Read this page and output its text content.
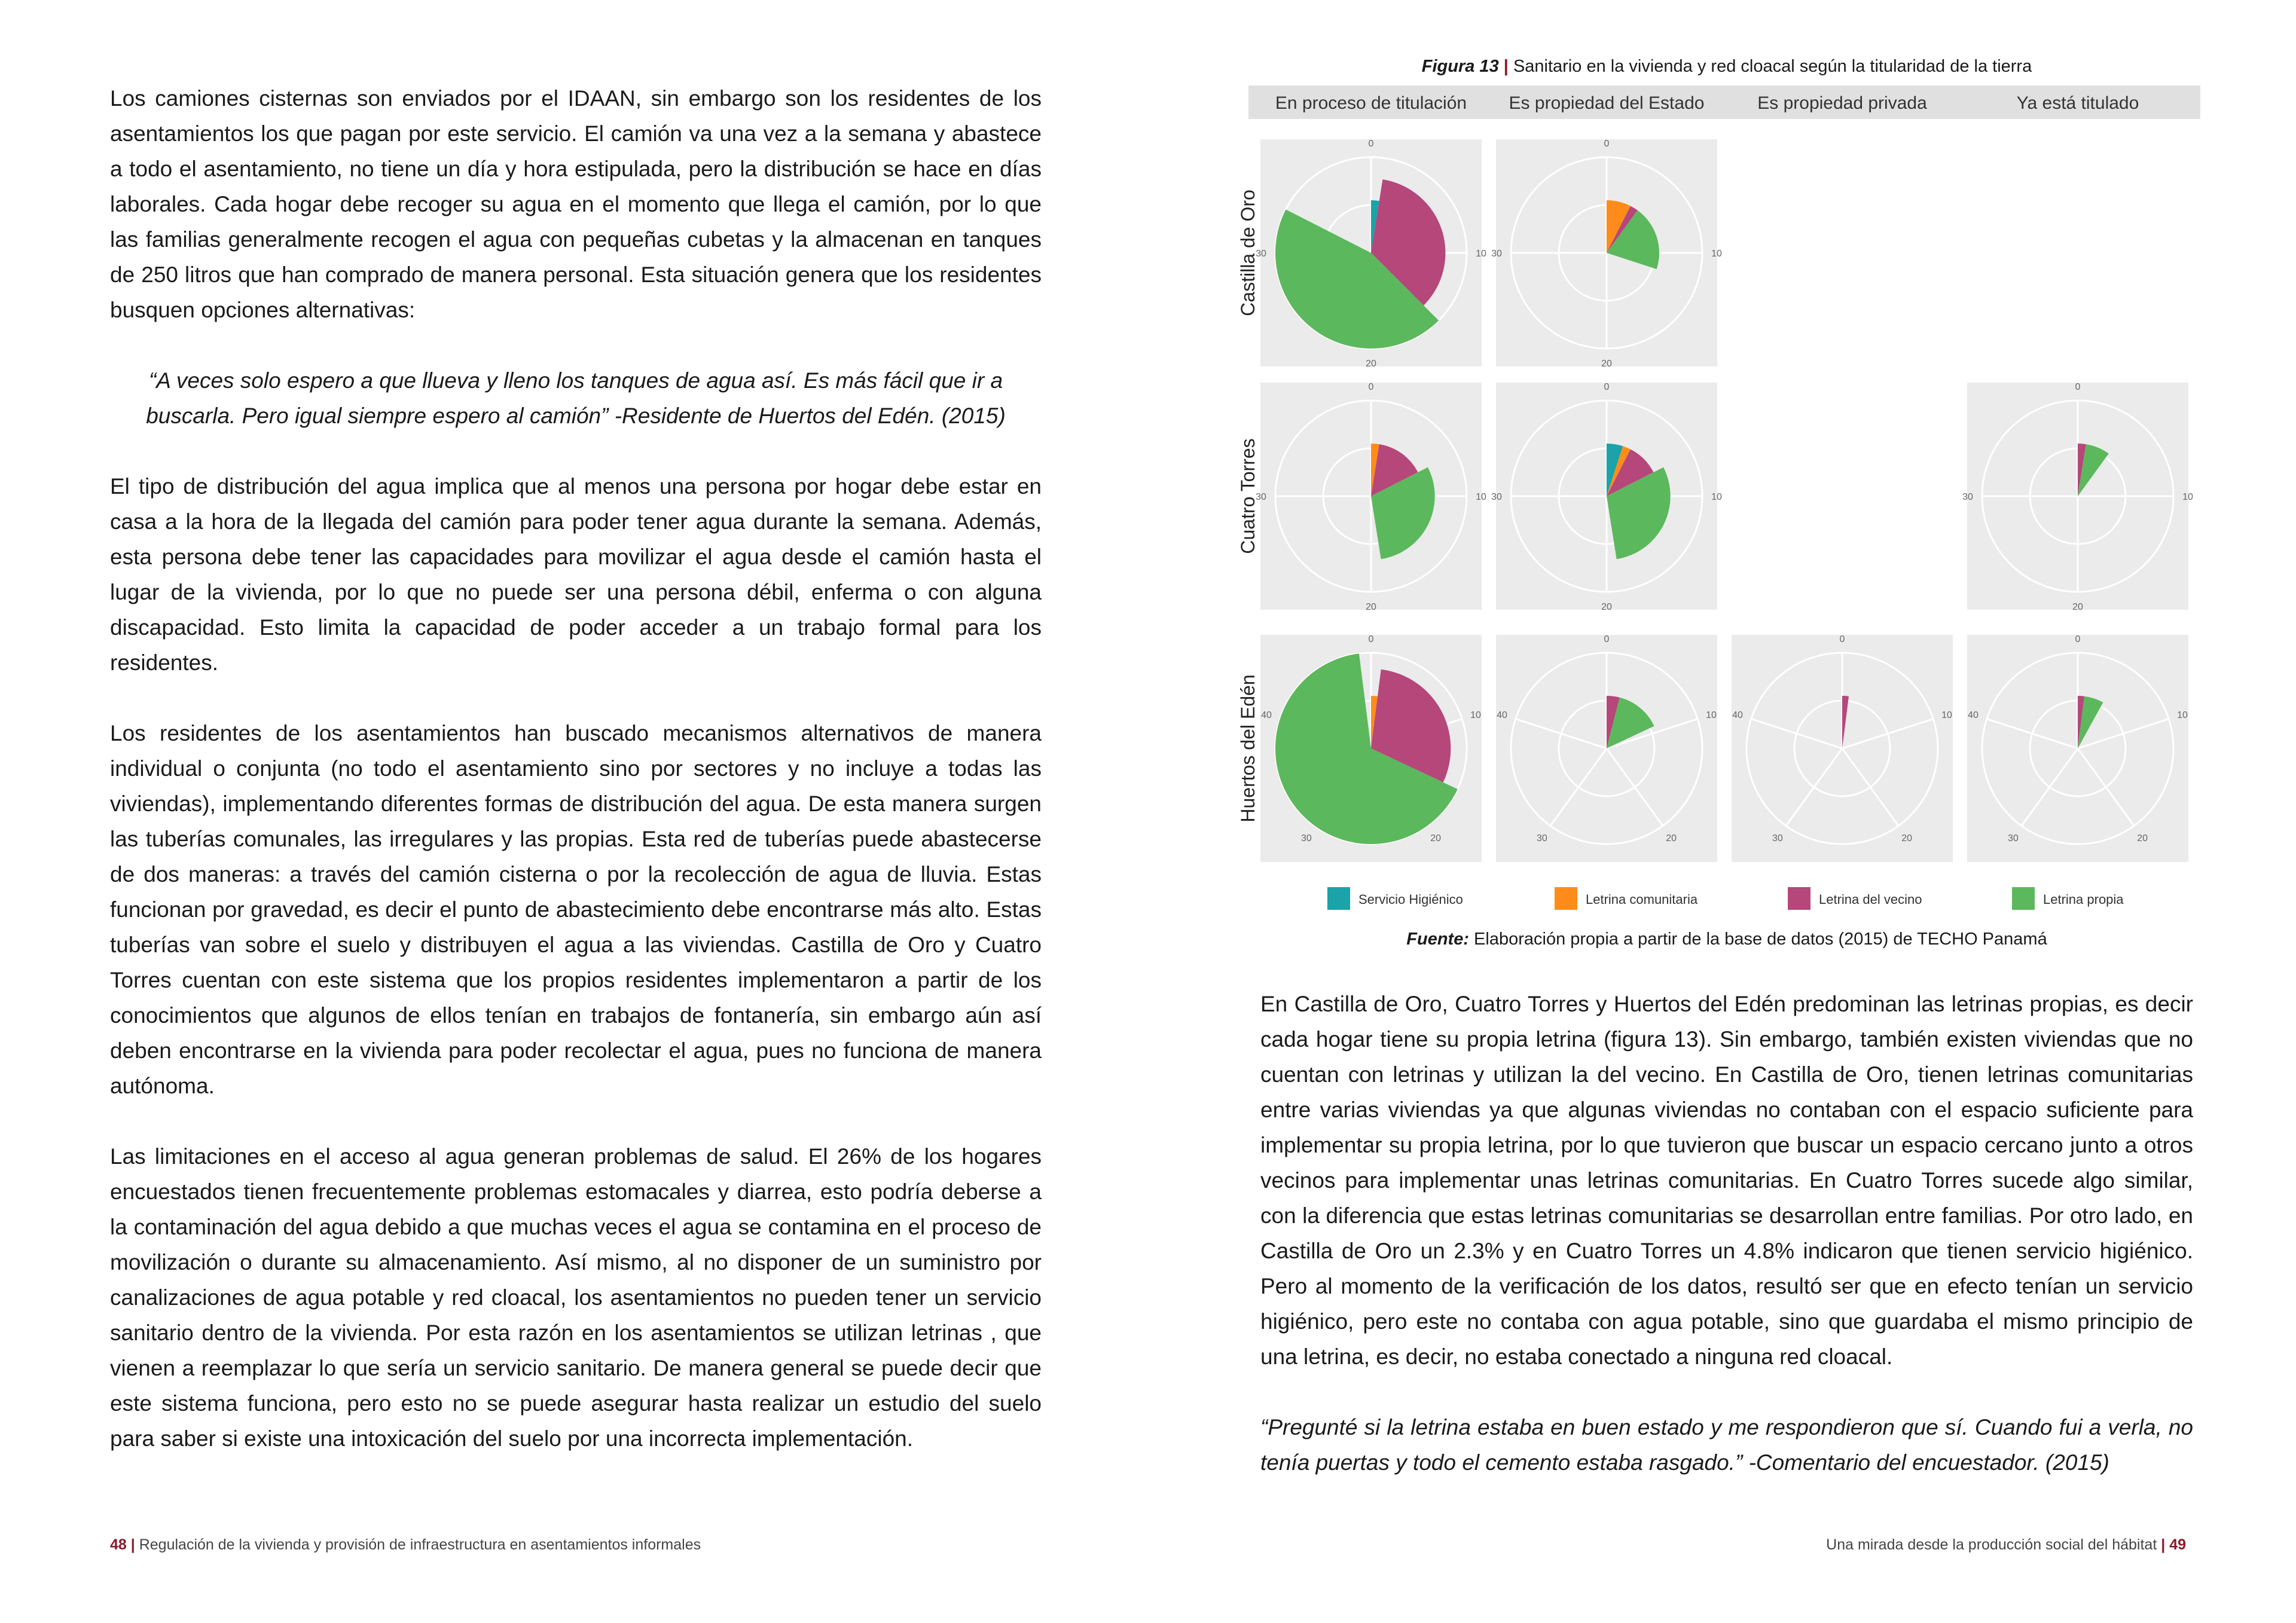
Los camiones cisternas son enviados por el IDAAN, sin embargo son los residentes de los asentamientos los que pagan por este servicio. El camión va una vez a la semana y abastece a todo el asentamiento, no tiene un día y hora estipulada, pero la distribución se hace en días laborales. Cada hogar debe recoger su agua en el momento que llega el camión, por lo que las familias generalmente recogen el agua con pequeñas cubetas y la almacenan en tanques de 250 litros que han comprado de manera personal. Esta situación genera que los residentes busquen opciones alternativas:

“A veces solo espero a que llueva y lleno los tanques de agua así. Es más fácil que ir a buscarla. Pero igual siempre espero al camión” -Residente de Huertos del Edén. (2015)

El tipo de distribución del agua implica que al menos una persona por hogar debe estar en casa a la hora de la llegada del camión para poder tener agua durante la semana. Además, esta persona debe tener las capacidades para movilizar el agua desde el camión hasta el lugar de la vivienda, por lo que no puede ser una persona débil, enferma o con alguna discapacidad. Esto limita la capacidad de poder acceder a un trabajo formal para los residentes.

Los residentes de los asentamientos han buscado mecanismos alternativos de manera individual o conjunta (no todo el asentamiento sino por sectores y no incluye a todas las viviendas), implementando diferentes formas de distribución del agua. De esta manera surgen las tuberías comunales, las irregulares y las propias. Esta red de tuberías puede abastecerse de dos maneras: a través del camión cisterna o por la recolección de agua de lluvia. Estas funcionan por gravedad, es decir el punto de abastecimiento debe encontrarse más alto. Estas tuberías van sobre el suelo y distribuyen el agua a las viviendas. Castilla de Oro y Cuatro Torres cuentan con este sistema que los propios residentes implementaron a partir de los conocimientos que algunos de ellos tenían en trabajos de fontanería, sin embargo aún así deben encontrarse en la vivienda para poder recolectar el agua, pues no funciona de manera autónoma.

Las limitaciones en el acceso al agua generan problemas de salud. El 26% de los hogares encuestados tienen frecuentemente problemas estomacales y diarrea, esto podría deberse a la contaminación del agua debido a que muchas veces el agua se contamina en el proceso de movilización o durante su almacenamiento. Así mismo, al no disponer de un suministro por canalizaciones de agua potable y red cloacal, los asentamientos no pueden tener un servicio sanitario dentro de la vivienda. Por esta razón en los asentamientos se utilizan letrinas , que vienen a reemplazar lo que sería un servicio sanitario. De manera general se puede decir que este sistema funciona, pero esto no se puede asegurar hasta realizar un estudio del suelo para saber si existe una intoxicación del suelo por una incorrecta implementación.

Figura 13 | Sanitario en la vivienda y red cloacal según la titularidad de la tierra
En proceso de titulación Es propiedad del Estado	Es propiedad privada	Ya está titulado
Castilla de Oro
Cuatro Torres
Huertos del Edén
0
10
20
30
0
10
20
30
0
10
20
30
0
10
20
30
0
10
20
30
0
10
20
30
40
0
10
20
30
40
0
10
20
30
40
0
10
20
30
40
Servicio Higiénico	Letrina comunitaria	Letrina del vecino	Letrina propia
Fuente: Elaboración propia a partir de la base de datos (2015) de TECHO Panamá

En Castilla de Oro, Cuatro Torres y Huertos del Edén predominan las letrinas propias, es decir cada hogar tiene su propia letrina (figura 13). Sin embargo, también existen viviendas que no cuentan con letrinas y utilizan la del vecino. En Castilla de Oro, tienen letrinas comunitarias entre varias viviendas ya que algunas viviendas no contaban con el espacio suficiente para implementar su propia letrina, por lo que tuvieron que buscar un espacio cercano junto a otros vecinos para implementar unas letrinas comunitarias. En Cuatro Torres sucede algo similar, con la diferencia que estas letrinas comunitarias se desarrollan entre familias. Por otro lado, en Castilla de Oro un 2.3% y en Cuatro Torres un 4.8% indicaron que tienen servicio higiénico. Pero al momento de la verificación de los datos, resultó ser que en efecto tenían un servicio higiénico, pero este no contaba con agua potable, sino que guardaba el mismo principio de una letrina, es decir, no estaba conectado a ninguna red cloacal.

“Pregunté si la letrina estaba en buen estado y me respondieron que sí. Cuando fui a verla, no tenía puertas y todo el cemento estaba rasgado.” -Comentario del encuestador. (2015)

48 | Regulación de la vivienda y provisión de infraestructura en asentamientos informales	Una mirada desde la producción social del hábitat | 49
